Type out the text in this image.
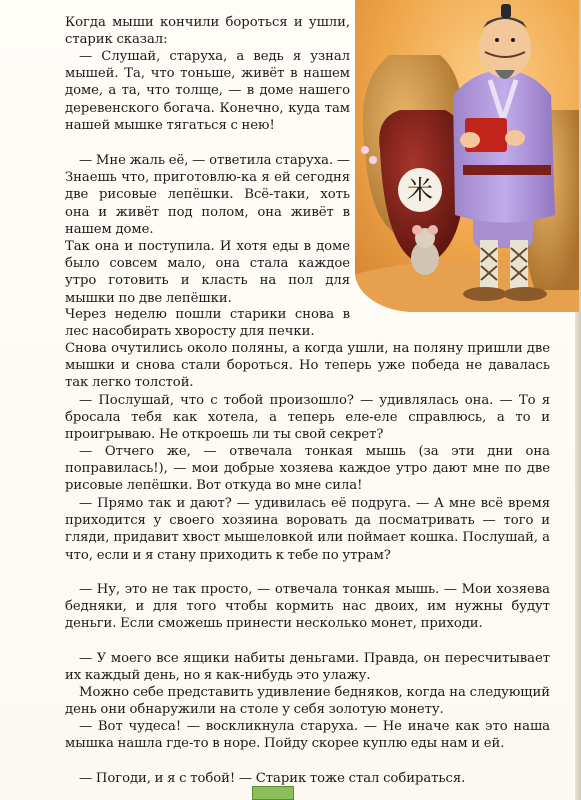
米

Когда мыши кончили бороться и ушли, старик сказал:

— Слушай, старуха, а ведь я узнал мышей. Та, что тоньше, живёт в нашем доме, а та, что толще, — в доме нашего деревенского богача. Конечно, куда там нашей мышке тягаться с нею!

— Мне жаль её, — ответила старуха. — Знаешь что, приготовлю-ка я ей сегодня две рисовые лепёшки. Всё-таки, хоть она и живёт под полом, она живёт в нашем доме.

Так она и поступила. И хотя еды в доме было совсем мало, она стала каждое утро готовить и класть на пол для мышки по две лепёшки.

Через неделю пошли старики снова в лес насобирать хворосту для печки.

Снова очутились около поляны, а когда ушли, на поляну пришли две мышки и снова стали бороться. Но теперь уже победа не давалась так легко толстой.

— Послушай, что с тобой произошло? — удивлялась она. — То я бросала тебя как хотела, а теперь еле-еле справлюсь, а то и проигрываю. Не откроешь ли ты свой секрет?

— Отчего же, — отвечала тонкая мышь (за эти дни она поправилась!), — мои добрые хозяева каждое утро дают мне по две рисовые лепёшки. Вот откуда во мне сила!

— Прямо так и дают? — удивилась её подруга. — А мне всё время приходится у своего хозяина воровать да посматривать — того и гляди, придавит хвост мышеловкой или поймает кошка. Послушай, а что, если и я стану приходить к тебе по утрам?

— Ну, это не так просто, — отвечала тонкая мышь. — Мои хозяева бедняки, и для того чтобы кормить нас двоих, им нужны будут деньги. Если сможешь принести несколько монет, приходи.

— У моего все ящики набиты деньгами. Правда, он пересчитывает их каждый день, но я как-нибудь это улажу.

Можно себе представить удивление бедняков, когда на следующий день они обнаружили на столе у себя золотую монету.

— Вот чудеса! — воскликнула старуха. — Не иначе как это наша мышка нашла где-то в норе. Пойду скорее куплю еды нам и ей.

— Погоди, и я с тобой! — Старик тоже стал собираться.
